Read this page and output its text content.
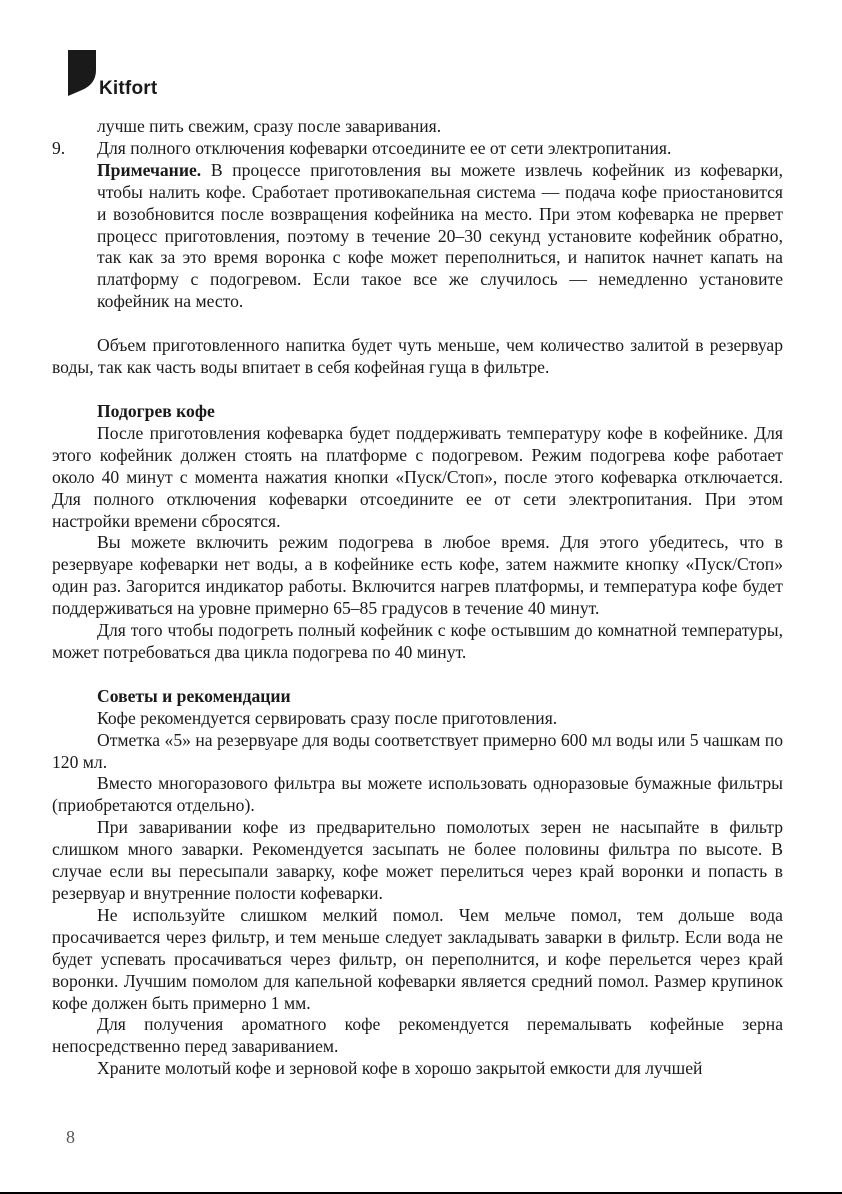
Kitfort

лучше пить свежим, сразу после заваривания.

9.	Для полного отключения кофеварки отсоедините ее от сети электропитания.

Примечание. В процессе приготовления вы можете извлечь кофейник из кофеварки, чтобы налить кофе. Сработает противокапельная система — подача кофе приостановится и возобновится после возвращения кофейника на место. При этом кофеварка не прервет процесс приготовления, поэтому в течение 20–30 секунд установите кофейник обратно, так как за это время воронка с кофе может переполниться, и напиток начнет капать на платформу с подогревом. Если такое все же случилось — немедленно установите кофейник на место.

Объем приготовленного напитка будет чуть меньше, чем количество залитой в резервуар воды, так как часть воды впитает в себя кофейная гуща в фильтре.

Подогрев кофе

После приготовления кофеварка будет поддерживать температуру кофе в кофейнике. Для этого кофейник должен стоять на платформе с подогревом. Режим подогрева кофе работает около 40 минут с момента нажатия кнопки «Пуск/Стоп», после этого кофеварка отключается. Для полного отключения кофеварки отсоедините ее от сети электропитания. При этом настройки времени сбросятся.

Вы можете включить режим подогрева в любое время. Для этого убедитесь, что в резервуаре кофеварки нет воды, а в кофейнике есть кофе, затем нажмите кнопку «Пуск/Стоп» один раз. Загорится индикатор работы. Включится нагрев платформы, и температура кофе будет поддерживаться на уровне примерно 65–85 градусов в течение 40 минут.

Для того чтобы подогреть полный кофейник с кофе остывшим до комнатной температуры, может потребоваться два цикла подогрева по 40 минут.

Советы и рекомендации

Кофе рекомендуется сервировать сразу после приготовления.

Отметка «5» на резервуаре для воды соответствует примерно 600 мл воды или 5 чашкам по 120 мл.

Вместо многоразового фильтра вы можете использовать одноразовые бумажные фильтры (приобретаются отдельно).

При заваривании кофе из предварительно помолотых зерен не насыпайте в фильтр слишком много заварки. Рекомендуется засыпать не более половины фильтра по высоте. В случае если вы пересыпали заварку, кофе может перелиться через край воронки и попасть в резервуар и внутренние полости кофеварки.

Не используйте слишком мелкий помол. Чем мельче помол, тем дольше вода просачивается через фильтр, и тем меньше следует закладывать заварки в фильтр. Если вода не будет успевать просачиваться через фильтр, он переполнится, и кофе перельется через край воронки. Лучшим помолом для капельной кофеварки является средний помол. Размер крупинок кофе должен быть примерно 1 мм.

Для получения ароматного кофе рекомендуется перемалывать кофейные зерна непосредственно перед завариванием.

Храните молотый кофе и зерновой кофе в хорошо закрытой емкости для лучшей

8
